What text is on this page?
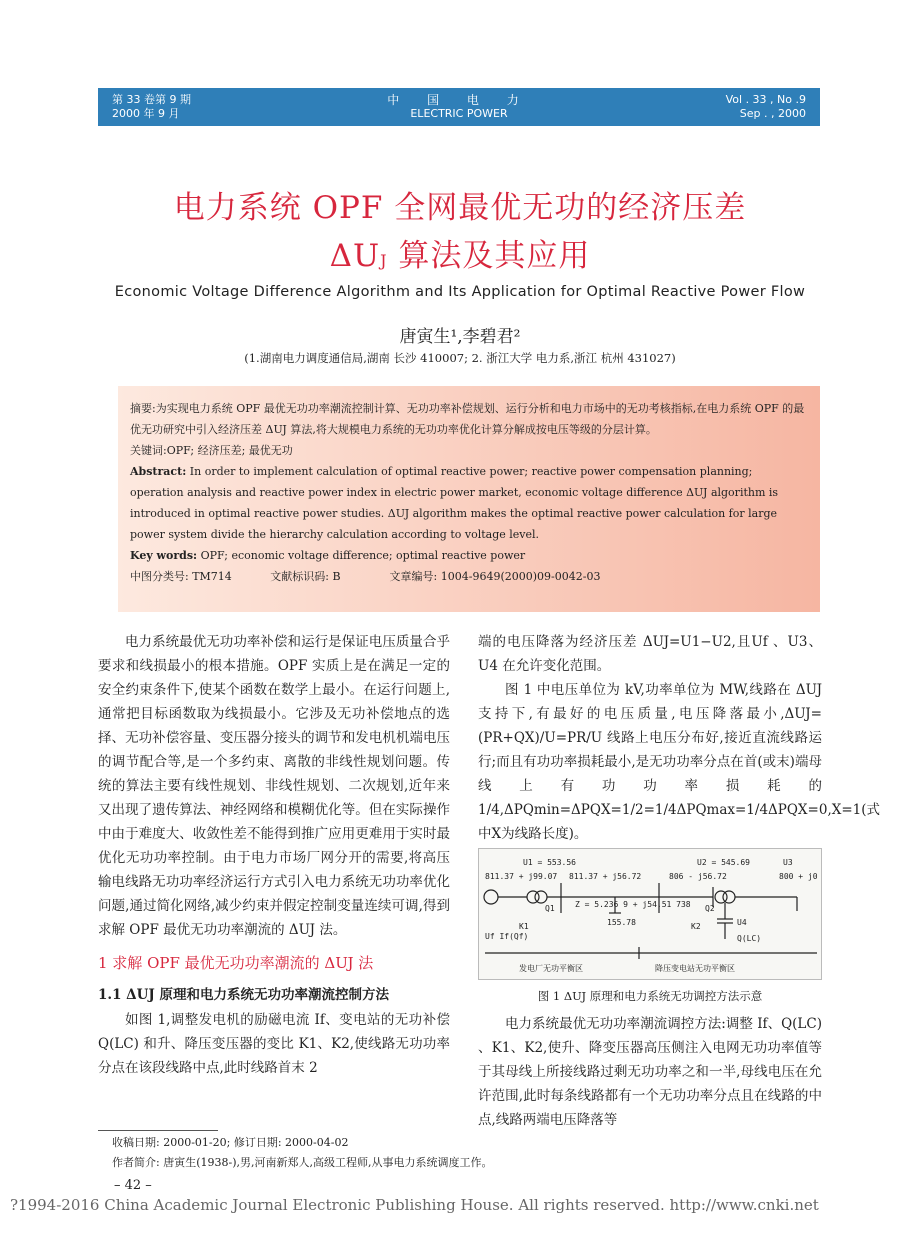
第 33 卷第 9 期
2000 年 9 月
中 国 电 力
ELECTRIC POWER
Vol . 33 , No .9
Sep . , 2000
电力系统 OPF 全网最优无功的经济压差
ΔUJ 算法及其应用
Economic Voltage Difference Algorithm and Its Application for Optimal Reactive Power Flow
唐寅生¹,李碧君²
(1.湖南电力调度通信局,湖南 长沙 410007; 2. 浙江大学 电力系,浙江 杭州 431027)
摘要:为实现电力系统 OPF 最优无功功率潮流控制计算、无功功率补偿规划、运行分析和电力市场中的无功考核指标,在电力系统 OPF 的最优无功研究中引入经济压差 ΔUJ 算法,将大规模电力系统的无功功率优化计算分解成按电压等级的分层计算。
关键词:OPF; 经济压差; 最优无功
Abstract: In order to implement calculation of optimal reactive power; reactive power compensation planning; operation analysis and reactive power index in electric power market, economic voltage difference ΔUJ algorithm is introduced in optimal reactive power studies. ΔUJ algorithm makes the optimal reactive power calculation for large power system divide the hierarchy calculation according to voltage level.
Key words: OPF; economic voltage difference; optimal reactive power
中图分类号: TM714	文献标识码: B	文章编号: 1004-9649(2000)09-0042-03

电力系统最优无功功率补偿和运行是保证电压质量合乎要求和线损最小的根本措施。OPF 实质上是在满足一定的安全约束条件下,使某个函数在数学上最小。在运行问题上,通常把目标函数取为线损最小。它涉及无功补偿地点的选择、无功补偿容量、变压器分接头的调节和发电机机端电压的调节配合等,是一个多约束、离散的非线性规划问题。传统的算法主要有线性规划、非线性规划、二次规划,近年来又出现了遗传算法、神经网络和模糊优化等。但在实际操作中由于难度大、收敛性差不能得到推广应用更难用于实时最优化无功功率控制。由于电力市场厂网分开的需要,将高压输电线路无功功率经济运行方式引入电力系统无功功率优化问题,通过简化网络,减少约束并假定控制变量连续可调,得到求解 OPF 最优无功功率潮流的 ΔUJ 法。

1 求解 OPF 最优无功功率潮流的 ΔUJ 法
1.1 ΔUJ 原理和电力系统无功功率潮流控制方法

如图 1,调整发电机的励磁电流 If、变电站的无功补偿 Q(LC) 和升、降压变压器的变比 K1、K2,使线路无功功率分点在该段线路中点,此时线路首末 2

端的电压降落为经济压差 ΔUJ=U1−U2,且Uf 、U3、U4 在允许变化范围。

图 1 中电压单位为 kV,功率单位为 MW,线路在 ΔUJ 支持下,有最好的电压质量,电压降落最小,ΔUJ=(PR+QX)/U=PR/U 线路上电压分布好,接近直流线路运行;而且有功功率损耗最小,是无功功率分点在首(或末)端母线上有功功率损耗的 1/4,ΔPQmin=ΔPQX=1/2=1/4ΔPQmax=1/4ΔPQX=0,X=1(式中X为线路长度)。

U1 = 553.56	U2 = 545.69	U3
811.37 + j99.07 811.37 + j56.72	806 - j56.72	800 + j0
Z = 5.236 9 + j54.51 738
155.78
K1
Q1	Q2
K2	U4
Q(LC)
Uf If(Qf)
发电厂无功平衡区	降压变电站无功平衡区
图 1 ΔUJ 原理和电力系统无功调控方法示意

电力系统最优无功功率潮流调控方法:调整 If、Q(LC) 、K1、K2,使升、降变压器高压侧注入电网无功功率值等于其母线上所接线路过剩无功功率之和一半,母线电压在允许范围,此时每条线路都有一个无功功率分点且在线路的中点,线路两端电压降落等

收稿日期: 2000-01-20; 修订日期: 2000-04-02
作者简介: 唐寅生(1938-),男,河南新郑人,高级工程师,从事电力系统调度工作。
– 42 –
?1994-2016 China Academic Journal Electronic Publishing House. All rights reserved. http://www.cnki.net
